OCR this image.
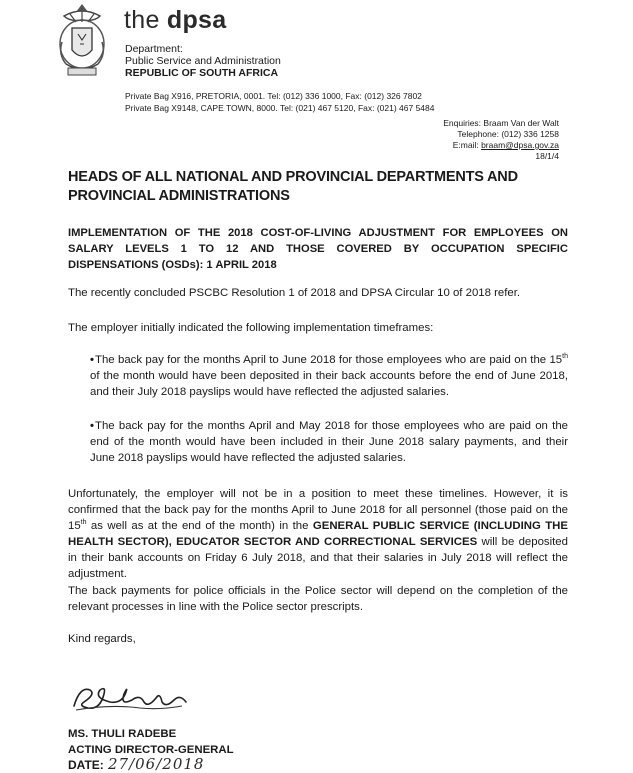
the dpsa
Department:
Public Service and Administration
REPUBLIC OF SOUTH AFRICA
Private Bag X916, PRETORIA, 0001. Tel: (012) 336 1000, Fax: (012) 326 7802
Private Bag X9148, CAPE TOWN, 8000. Tel: (021) 467 5120, Fax: (021) 467 5484
Enquiries: Braam Van der Walt
Telephone: (012) 336 1258
E:mail: braam@dpsa.gov.za
18/1/4
HEADS OF ALL NATIONAL AND PROVINCIAL DEPARTMENTS AND PROVINCIAL ADMINISTRATIONS
IMPLEMENTATION OF THE 2018 COST-OF-LIVING ADJUSTMENT FOR EMPLOYEES ON SALARY LEVELS 1 TO 12 AND THOSE COVERED BY OCCUPATION SPECIFIC DISPENSATIONS (OSDs): 1 APRIL 2018
The recently concluded PSCBC Resolution 1 of 2018 and DPSA Circular 10 of 2018 refer.
The employer initially indicated the following implementation timeframes:
•The back pay for the months April to June 2018 for those employees who are paid on the 15th of the month would have been deposited in their back accounts before the end of June 2018, and their July 2018 payslips would have reflected the adjusted salaries.
•The back pay for the months April and May 2018 for those employees who are paid on the end of the month would have been included in their June 2018 salary payments, and their June 2018 payslips would have reflected the adjusted salaries.
Unfortunately, the employer will not be in a position to meet these timelines. However, it is confirmed that the back pay for the months April to June 2018 for all personnel (those paid on the 15th as well as at the end of the month) in the GENERAL PUBLIC SERVICE (INCLUDING THE HEALTH SECTOR), EDUCATOR SECTOR AND CORRECTIONAL SERVICES will be deposited in their bank accounts on Friday 6 July 2018, and that their salaries in July 2018 will reflect the adjustment.
The back payments for police officials in the Police sector will depend on the completion of the relevant processes in line with the Police sector prescripts.
Kind regards,
MS. THULI RADEBE
ACTING DIRECTOR-GENERAL
DATE: 27/06/2018
